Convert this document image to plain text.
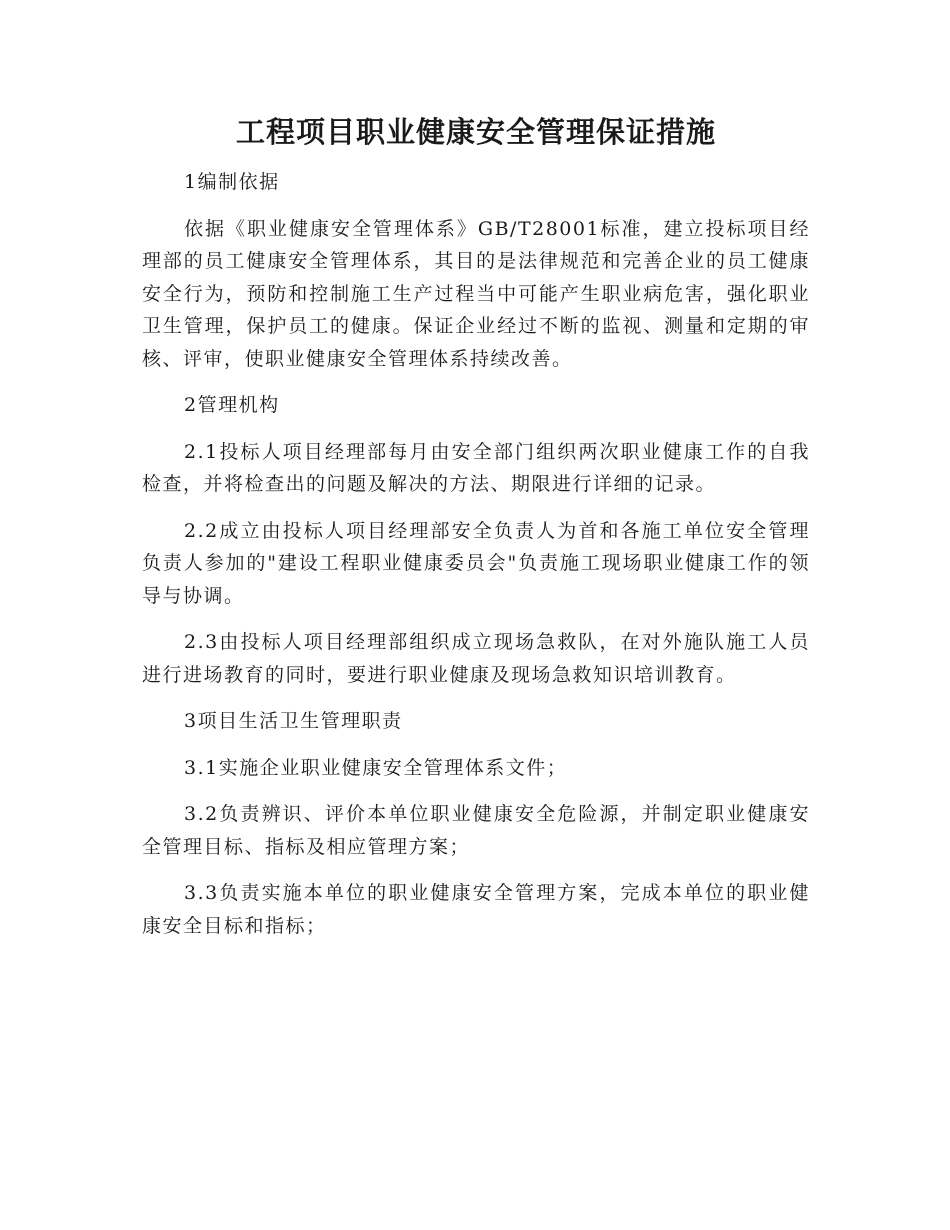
工程项目职业健康安全管理保证措施
1编制依据
依据《职业健康安全管理体系》GB/T28001标准，建立投标项目经理部的员工健康安全管理体系，其目的是法律规范和完善企业的员工健康安全行为，预防和控制施工生产过程当中可能产生职业病危害，强化职业卫生管理，保护员工的健康。保证企业经过不断的监视、测量和定期的审核、评审，使职业健康安全管理体系持续改善。
2管理机构
2.1投标人项目经理部每月由安全部门组织两次职业健康工作的自我检查，并将检查出的问题及解决的方法、期限进行详细的记录。
2.2成立由投标人项目经理部安全负责人为首和各施工单位安全管理负责人参加的"建设工程职业健康委员会"负责施工现场职业健康工作的领导与协调。
2.3由投标人项目经理部组织成立现场急救队，在对外施队施工人员进行进场教育的同时，要进行职业健康及现场急救知识培训教育。
3项目生活卫生管理职责
3.1实施企业职业健康安全管理体系文件；
3.2负责辨识、评价本单位职业健康安全危险源，并制定职业健康安全管理目标、指标及相应管理方案；
3.3负责实施本单位的职业健康安全管理方案，完成本单位的职业健康安全目标和指标；
